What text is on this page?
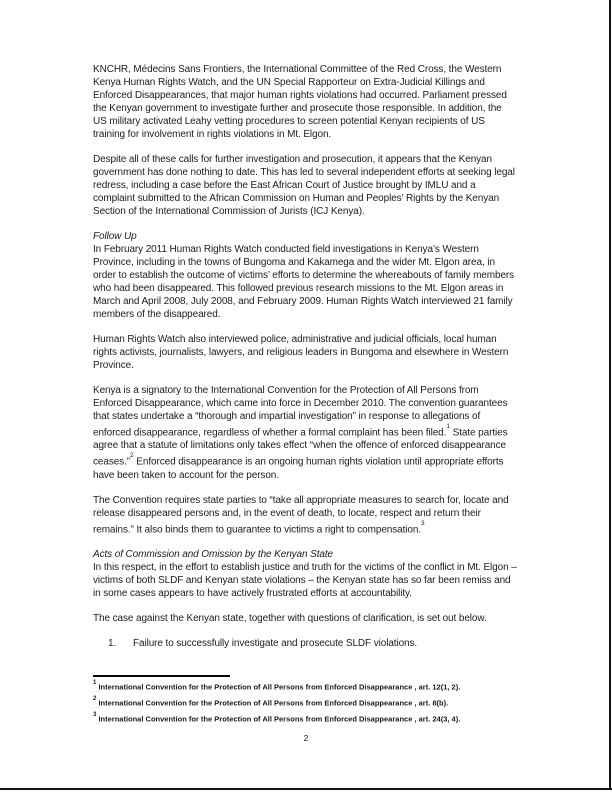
KNCHR, Médecins Sans Frontiers, the International Committee of the Red Cross, the Western Kenya Human Rights Watch, and the UN Special Rapporteur on Extra-Judicial Killings and Enforced Disappearances, that major human rights violations had occurred. Parliament pressed the Kenyan government to investigate further and prosecute those responsible. In addition, the US military activated Leahy vetting procedures to screen potential Kenyan recipients of US training for involvement in rights violations in Mt. Elgon.

Despite all of these calls for further investigation and prosecution, it appears that the Kenyan government has done nothing to date. This has led to several independent efforts at seeking legal redress, including a case before the East African Court of Justice brought by IMLU and a complaint submitted to the African Commission on Human and Peoples’ Rights by the Kenyan Section of the International Commission of Jurists (ICJ Kenya).

Follow Up

In February 2011 Human Rights Watch conducted field investigations in Kenya’s Western Province, including in the towns of Bungoma and Kakamega and the wider Mt. Elgon area, in order to establish the outcome of victims’ efforts to determine the whereabouts of family members who had been disappeared. This followed previous research missions to the Mt. Elgon areas in March and April 2008, July 2008, and February 2009. Human Rights Watch interviewed 21 family members of the disappeared.

Human Rights Watch also interviewed police, administrative and judicial officials, local human rights activists, journalists, lawyers, and religious leaders in Bungoma and elsewhere in Western Province.

Kenya is a signatory to the International Convention for the Protection of All Persons from Enforced Disappearance, which came into force in December 2010. The convention guarantees that states undertake a “thorough and impartial investigation” in response to allegations of enforced disappearance, regardless of whether a formal complaint has been filed.$^1$ State parties agree that a statute of limitations only takes effect “when the offence of enforced disappearance ceases.”$^2$ Enforced disappearance is an ongoing human rights violation until appropriate efforts have been taken to account for the person.

The Convention requires state parties to “take all appropriate measures to search for, locate and release disappeared persons and, in the event of death, to locate, respect and return their remains.” It also binds them to guarantee to victims a right to compensation.$^3$

Acts of Commission and Omission by the Kenyan State

In this respect, in the effort to establish justice and truth for the victims of the conflict in Mt. Elgon – victims of both SLDF and Kenyan state violations – the Kenyan state has so far been remiss and in some cases appears to have actively frustrated efforts at accountability.

The case against the Kenyan state, together with questions of clarification, is set out below.

1. Failure to successfully investigate and prosecute SLDF violations.
$^1$ International Convention for the Protection of All Persons from Enforced Disappearance , art. 12(1, 2).
$^2$ International Convention for the Protection of All Persons from Enforced Disappearance , art. 8(b).
$^3$ International Convention for the Protection of All Persons from Enforced Disappearance , art. 24(3, 4).
2
